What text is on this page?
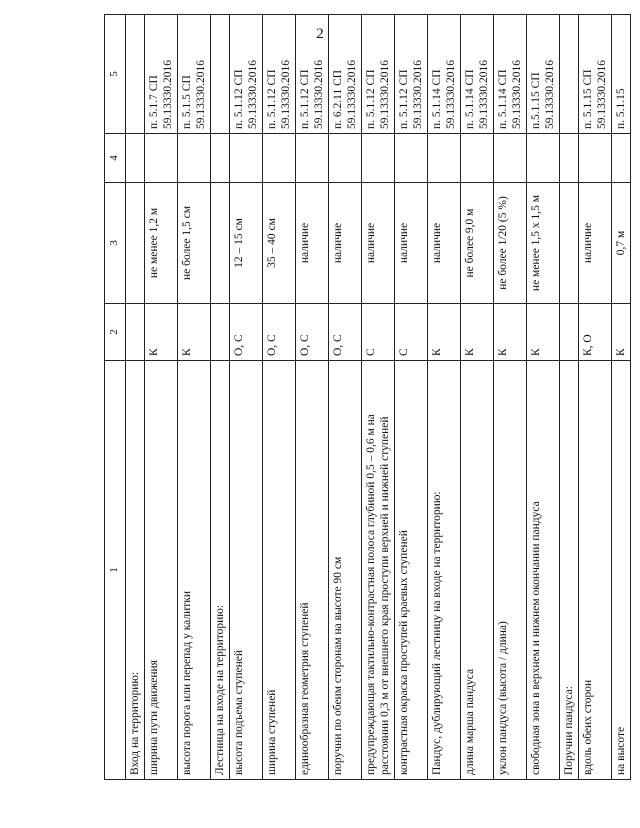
2
1	2	3	4	5
Вход на территорию:				
ширина пути движения	К	не менее 1,2 м		п. 5.1.7 СП 59.13330.2016
высота порога или перепад у калитки	К	не более 1,5 см		п. 5.1.5 СП 59.13330.2016
Лестница на входе на территорию:				
высота подъема ступеней	О, С	12 – 15 см		п. 5.1.12 СП 59.13330.2016
ширина ступеней	О, С	35 – 40 см		п. 5.1.12 СП 59.13330.2016
единообразная геометрия ступеней	О, С	наличие		п. 5.1.12 СП 59.13330.2016
поручни по обеим сторонам на высоте 90 см	О, С	наличие		п. 6.2.11 СП 59.13330.2016
предупреждающая тактильно-контрастная полоса глубиной 0,5 – 0,6 м на расстоянии 0,3 м от внешнего края проступи верхней и нижней ступеней	С	наличие		п. 5.1.12 СП 59.13330.2016
контрастная окраска проступей краевых ступеней	С	наличие		п. 5.1.12 СП 59.13330.2016
Пандус, дублирующий лестницу на входе на территорию:	К	наличие		п. 5.1.14 СП 59.13330.2016
длина марша пандуса	К	не более 9,0 м		п. 5.1.14 СП 59.13330.2016
уклон пандуса (высота / длина)	К	не более 1/20 (5 %)		п. 5.1.14 СП 59.13330.2016
свободная зона в верхнем и нижнем окончании пандуса	К	не менее 1,5 х 1,5 м		п.5.1.15 СП 59.13330.2016
Поручни пандуса:				
вдоль обеих сторон	К, О	наличие		п. 5.1.15 СП 59.13330.2016
на высоте	К	0,7 м		п. 5.1.15
